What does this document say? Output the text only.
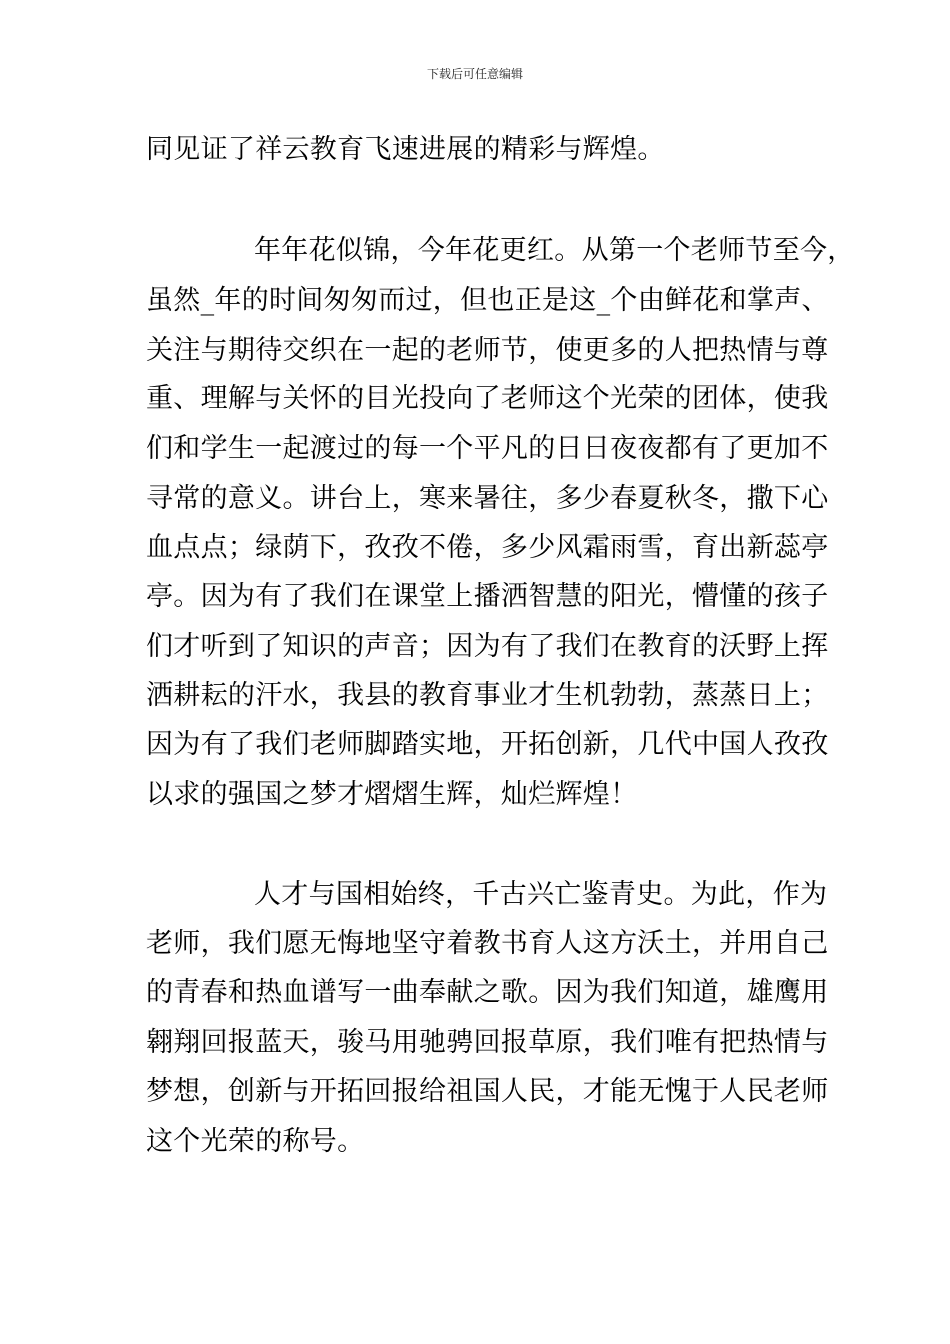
下载后可任意编辑
同见证了祥云教育飞速进展的精彩与辉煌。
年年花似锦，今年花更红。从第一个老师节至今，
虽然_年的时间匆匆而过，但也正是这_个由鲜花和掌声、
关注与期待交织在一起的老师节，使更多的人把热情与尊
重、理解与关怀的目光投向了老师这个光荣的团体，使我
们和学生一起渡过的每一个平凡的日日夜夜都有了更加不
寻常的意义。讲台上，寒来暑往，多少春夏秋冬，撒下心
血点点；绿荫下，孜孜不倦，多少风霜雨雪，育出新蕊亭
亭。因为有了我们在课堂上播洒智慧的阳光，懵懂的孩子
们才听到了知识的声音；因为有了我们在教育的沃野上挥
洒耕耘的汗水，我县的教育事业才生机勃勃，蒸蒸日上；
因为有了我们老师脚踏实地，开拓创新，几代中国人孜孜
以求的强国之梦才熠熠生辉，灿烂辉煌！
人才与国相始终，千古兴亡鉴青史。为此，作为
老师，我们愿无悔地坚守着教书育人这方沃土，并用自己
的青春和热血谱写一曲奉献之歌。因为我们知道，雄鹰用
翱翔回报蓝天，骏马用驰骋回报草原，我们唯有把热情与
梦想，创新与开拓回报给祖国人民，才能无愧于人民老师
这个光荣的称号。
